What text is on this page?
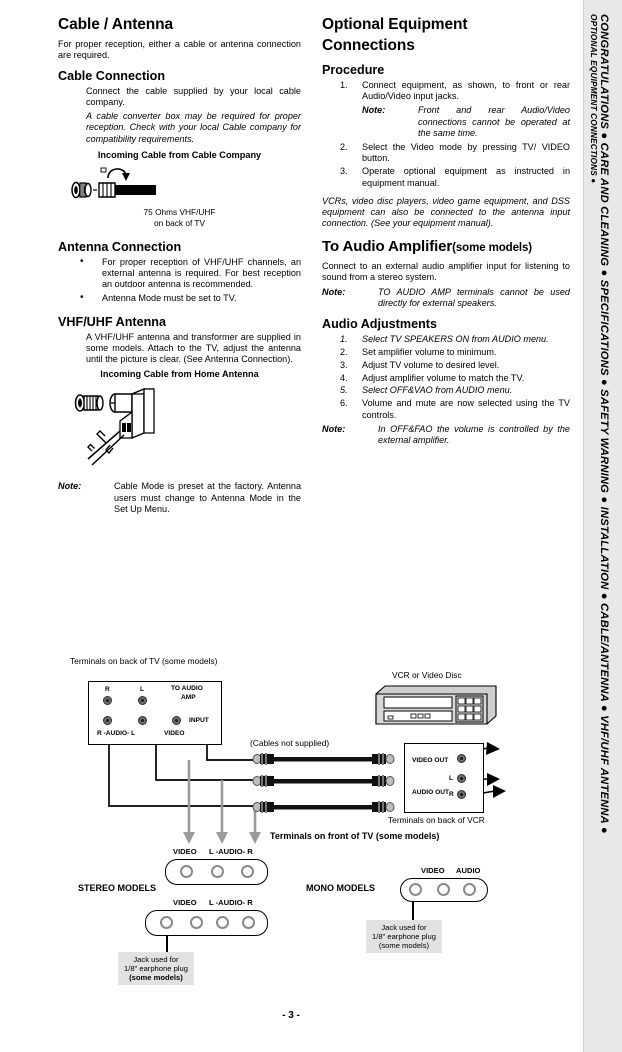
CONGRATULATIONS ● CARE AND CLEANING ● SPECIFICATIONS ● SAFETY WARNING ● INSTALLATION ● CABLE/ANTENNA ● VHF/UHF ANTENNA ●
OPTIONAL EQUIPMENT CONNECTIONS ●
Cable / Antenna

For proper reception, either a cable or antenna connection are required.

Cable Connection

Connect the cable supplied by your local cable company.

A cable converter box may be required for proper reception. Check with your local Cable company for compatibility requirements.

Incoming Cable from Cable Company

75 Ohms VHF/UHF

on back of TV

Antenna Connection
• For proper reception of VHF/UHF channels, an external antenna is required. For best reception an outdoor antenna is recommended.
• Antenna Mode must be set to TV.
VHF/UHF Antenna

A VHF/UHF antenna and transformer are supplied in some models. Attach to the TV, adjust the antenna until the picture is clear. (See Antenna Connection).

Incoming Cable from Home Antenna

Note:	Cable Mode is preset at the factory. Antenna users must change to Antenna Mode in the Set Up Menu.
Optional Equipment
Connections
Procedure
1. Connect equipment, as shown, to front or rear Audio/Video input jacks.
Note:	Front and rear Audio/Video connections cannot be operated at the same time.
2. Select the Video mode by pressing TV/ VIDEO button.
3. Operate optional equipment as instructed in equipment manual.

VCRs, video disc players, video game equipment, and DSS equipment can also be connected to the antenna input connection. (See your equipment manual).

To Audio Amplifier(some models)

Connect to an external audio amplifier input for listening to sound from a stereo system.

Note:	TO AUDIO AMP terminals cannot be used directly for external speakers.
Audio Adjustments
1. Select TV SPEAKERS ON from AUDIO menu.
2. Set amplifier volume to minimum.
3. Adjust TV volume to desired level.
4. Adjust amplifier volume to match the TV.
5. Select OFF&VAO from AUDIO menu.
6. Volume and mute are now selected using the TV controls.
Note:	In OFF&FAO the volume is controlled by the external amplifier.
Terminals on back of TV (some models)
R	L	TO AUDIO
AMP
INPUT
R -AUDIO- L	VIDEO
(Cables not supplied)
VCR or Video Disc
VIDEO OUT
L
AUDIO OUT R
Terminals on back of VCR
Terminals on front of TV (some models)
VIDEO L -AUDIO- R
STEREO MODELS
VIDEO L -AUDIO- R
Jack used for
1/8" earphone plug
(some models)
MONO MODELS
VIDEO AUDIO
Jack used for
1/8" earphone plug
(some models)
- 3 -
